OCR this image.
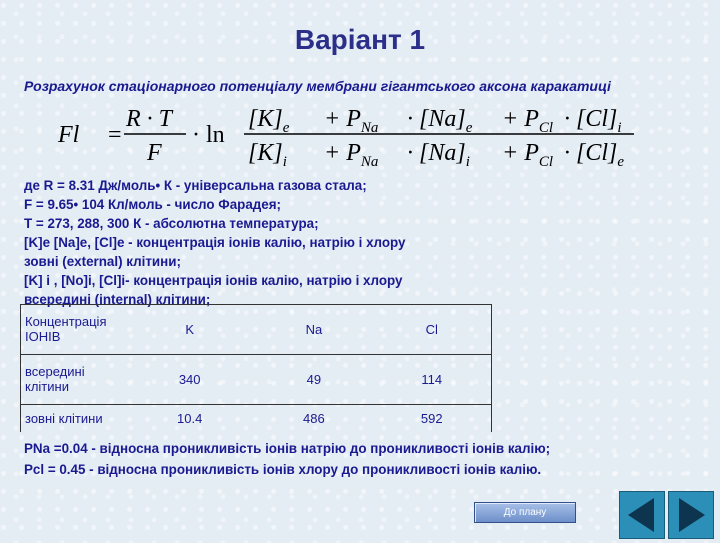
Варіант 1
Розрахунок стаціонарного потенціалу мембрани гігантського аксона каракатиці
Fl =
R · T
F
· ln
$[K]_e + P_{Na} \cdot [Na]_e + P_{Cl} \cdot [Cl]_i$
$[K]_i + P_{Na} \cdot [Na]_i + P_{Cl} \cdot [Cl]_e$
де R = 8.31 Дж/моль• К - універсальна газова стала;
F = 9.65• 104 Кл/моль - число Фарадея;
T = 273, 288, 300 К - абсолютна температура;
[K]e [Na]e, [Cl]e - концентрація іонів калію, натрію і хлору
зовні (external) клітини;
[K] i , [No]i, [Cl]i- концентрація іонів калію, натрію і хлору
всередині (internal) клітини;
Концентрація
ІОНІВ	K	Na	Cl
всередині
клітини	340	49	114
зовні клітини	10.4	486	592
PNa =0.04 - відносна проникливість іонів натрію до проникливості іонів калію;
Pcl = 0.45 - відносна проникливість іонів хлору до проникливості іонів калію.
До плану
